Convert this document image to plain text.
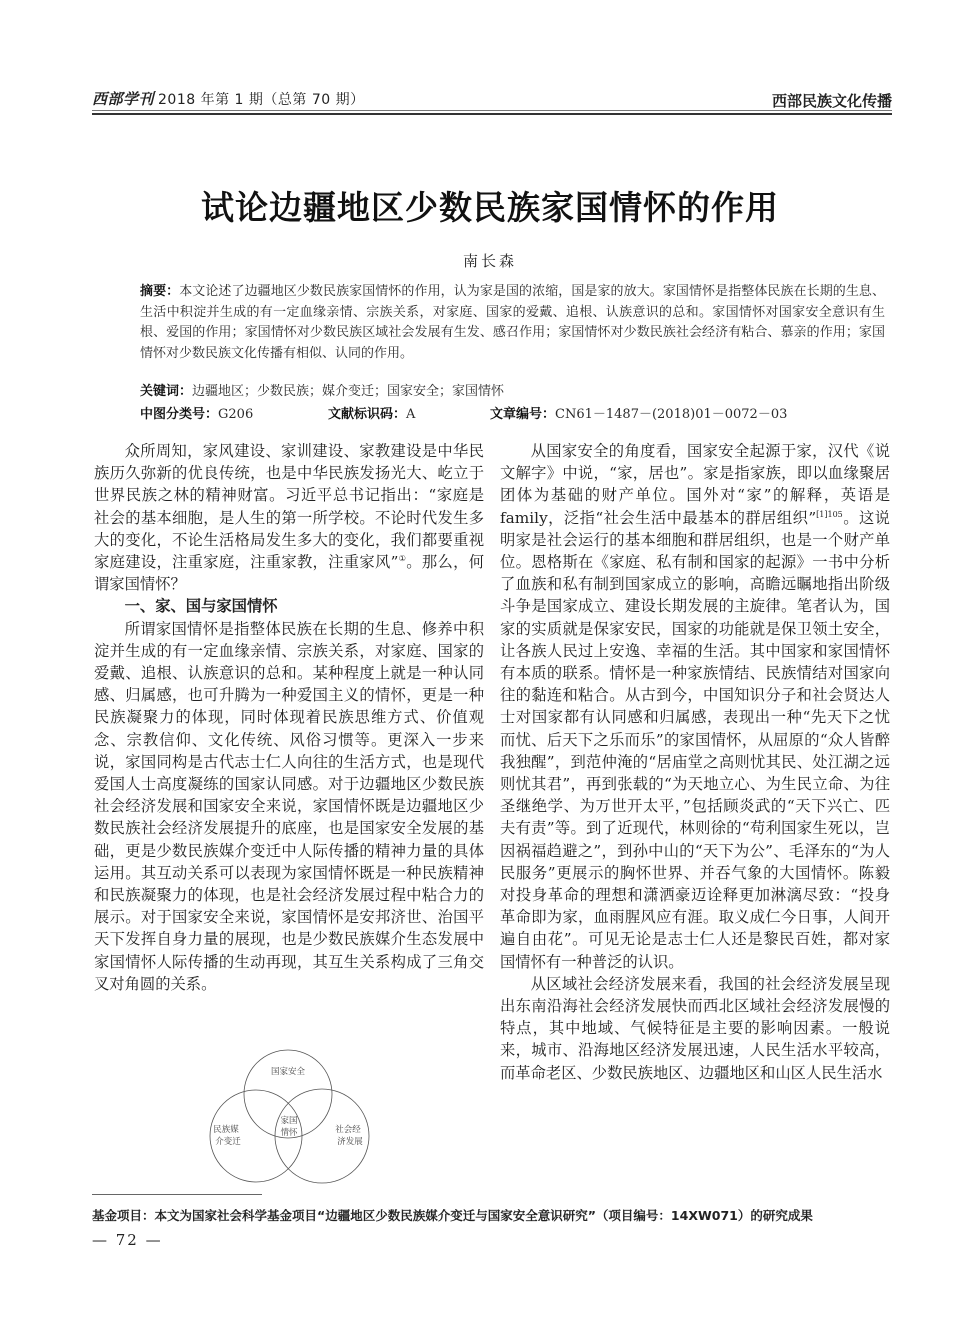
西部学刊 2018 年第 1 期（总第 70 期）	西部民族文化传播
试论边疆地区少数民族家国情怀的作用
南长森
摘要：本文论述了边疆地区少数民族家国情怀的作用，认为家是国的浓缩，国是家的放大。家国情怀是指整体民族在长期的生息、生活中积淀并生成的有一定血缘亲情、宗族关系，对家庭、国家的爱戴、追根、认族意识的总和。家国情怀对国家安全意识有生根、爱国的作用；家国情怀对少数民族区域社会发展有生发、感召作用；家国情怀对少数民族社会经济有粘合、慕亲的作用；家国情怀对少数民族文化传播有相似、认同的作用。
关键词：边疆地区；少数民族；媒介变迁；国家安全；家国情怀
中图分类号：G206	文献标识码：A	文章编号：CN61－1487－(2018)01－0072－03

众所周知，家风建设、家训建设、家教建设是中华民族历久弥新的优良传统，也是中华民族发扬光大、屹立于世界民族之林的精神财富。习近平总书记指出：“家庭是社会的基本细胞，是人生的第一所学校。不论时代发生多大的变化，不论生活格局发生多大的变化，我们都要重视家庭建设，注重家庭，注重家教，注重家风”①。那么，何谓家国情怀？

一、家、国与家国情怀

所谓家国情怀是指整体民族在长期的生息、修养中积淀并生成的有一定血缘亲情、宗族关系，对家庭、国家的爱戴、追根、认族意识的总和。某种程度上就是一种认同感、归属感，也可升腾为一种爱国主义的情怀，更是一种民族凝聚力的体现，同时体现着民族思维方式、价值观念、宗教信仰、文化传统、风俗习惯等。更深入一步来说，家国同构是古代志士仁人向往的生活方式，也是现代爱国人士高度凝练的国家认同感。对于边疆地区少数民族社会经济发展和国家安全来说，家国情怀既是边疆地区少数民族社会经济发展提升的底座，也是国家安全发展的基础，更是少数民族媒介变迁中人际传播的精神力量的具体运用。其互动关系可以表现为家国情怀既是一种民族精神和民族凝聚力的体现，也是社会经济发展过程中粘合力的展示。对于国家安全来说，家国情怀是安邦济世、治国平天下发挥自身力量的展现，也是少数民族媒介生态发展中家国情怀人际传播的生动再现，其互生关系构成了三角交叉对角圆的关系。

国家安全
民族媒
介变迁
社会经
济发展
家国
情怀

从国家安全的角度看，国家安全起源于家，汉代《说文解字》中说，“家，居也”。家是指家族，即以血缘聚居团体为基础的财产单位。国外对“家”的解释，英语是family，泛指“社会生活中最基本的群居组织”$^{[1]105}$。这说明家是社会运行的基本细胞和群居组织，也是一个财产单位。恩格斯在《家庭、私有制和国家的起源》一书中分析了血族和私有制到国家成立的影响，高瞻远瞩地指出阶级斗争是国家成立、建设长期发展的主旋律。笔者认为，国家的实质就是保家安民，国家的功能就是保卫领土安全，让各族人民过上安逸、幸福的生活。其中国家和家国情怀有本质的联系。情怀是一种家族情结、民族情结对国家向往的黏连和粘合。从古到今，中国知识分子和社会贤达人士对国家都有认同感和归属感，表现出一种“先天下之忧而忧、后天下之乐而乐”的家国情怀，从屈原的“众人皆醉我独醒”，到范仲淹的“居庙堂之高则忧其民、处江湖之远则忧其君”，再到张载的“为天地立心、为生民立命、为往圣继绝学、为万世开太平，”包括顾炎武的“天下兴亡、匹夫有责”等。到了近现代，林则徐的“苟利国家生死以，岂因祸福趋避之”，到孙中山的“天下为公”、毛泽东的“为人民服务”更展示的胸怀世界、并吞气象的大国情怀。陈毅对投身革命的理想和潇洒豪迈诠释更加淋漓尽致：“投身革命即为家，血雨腥风应有涯。取义成仁今日事，人间开遍自由花”。可见无论是志士仁人还是黎民百姓，都对家国情怀有一种普泛的认识。

从区域社会经济发展来看，我国的社会经济发展呈现出东南沿海社会经济发展快而西北区域社会经济发展慢的特点，其中地域、气候特征是主要的影响因素。一般说来，城市、沿海地区经济发展迅速，人民生活水平较高，而革命老区、少数民族地区、边疆地区和山区人民生活水

基金项目：本文为国家社会科学基金项目“边疆地区少数民族媒介变迁与国家安全意识研究”（项目编号：14XW071）的研究成果
— 72 —
